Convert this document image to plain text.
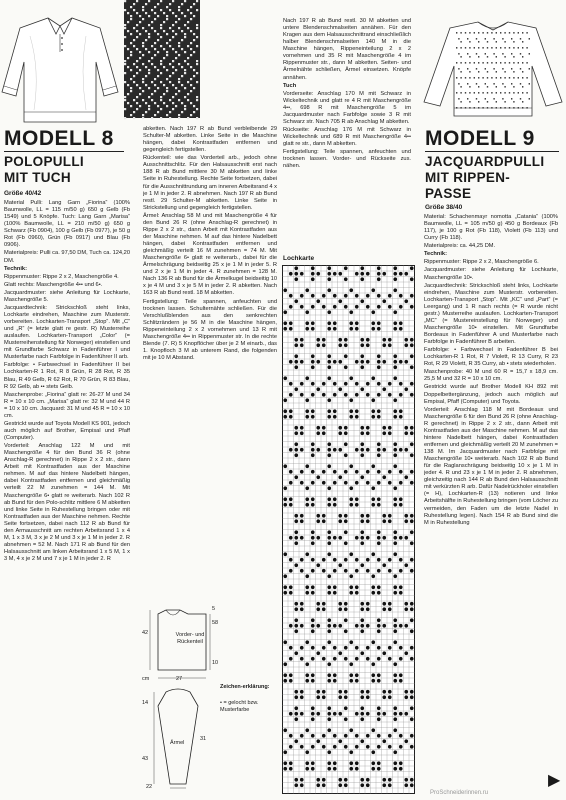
MODELL 8
POLOPULLI
MIT TUCH
Größe 40/42

Material Pulli: Lang Garn „Fiorina“ (100% Baumwolle, LL = 115 m/50 g) 650 g Gelb (Fb 1549) und 5 Knöpfe. Tuch: Lang Garn „Marisa“ (100% Baumwolle, LL = 210 m/50 g) 650 g Schwarz (Fb 0904), 100 g Gelb (Fb 0977), je 50 g Rot (Fb 0960), Grün (Fb 0917) und Blau (Fb 0906).

Materialpreis: Pulli ca. 97,50 DM, Tuch ca. 124,20 DM.

Technik:

Rippenmuster: Rippe 2 x 2, Maschengröße 4.

Glatt rechts: Maschengröße 4•• und 6•.

Jacquardmuster: siehe Anleitung für Lochkarte, Maschengröße 5.

Jacquardtechnik: Strickschloß steht links, Lochkarte eindrehen, Maschine zum Musterstr. vorbereiten. Lochkarten-Transport „Stop“. Mit „C“ und „R“ (= letzte glatt re gestr. R) Musterreihe auslaufen. Lochkarten-Transport „Color“ (= Musterreihenstellung für Norweger) einstellen und mit Grundfarbe Schwarz in Fadenführer I und Musterfarbe nach Farbfolge in Fadenführer II arb.

Farbfolge: • Farbwechsel in Fadenführer II bei Lochkarten-R 1 Rot, R 8 Grün, R 28 Rot, R 35 Blau, R 49 Gelb, R 62 Rot, R 70 Grün, R 83 Blau, R 92 Gelb, ab •• stets Gelb.

Maschenprobe: „Fiorina“ glatt re: 26-27 M und 34 R = 10 x 10 cm. „Marisa“ glatt re: 32 M und 44 R = 10 x 10 cm. Jacquard: 31 M und 45 R = 10 x 10 cm.

Gestrickt wurde auf Toyota Modell KS 901, jedoch auch möglich auf Brother, Empisal und Pfaff (Computer).

Vorderteil: Anschlag 122 M und mit Maschengröße 4 für den Bund 36 R (ohne Anschlag-R gerechnet) in Rippe 2 x 2 str., dann Arbeit mit Kontrastfaden aus der Maschine nehmen. M auf das hintere Nadelbett hängen, dabei Kontrastfaden entfernen und gleichmäßig verteilt 22 M zunehmen = 144 M. Mit Maschengröße 6• glatt re weiterarb. Nach 102 R ab Bund für den Polo-schlitz mittlere 6 M abketten und linke Seite in Ruhestellung bringen oder mit Kontrastfaden aus der Maschine nehmen. Rechte Seite fortsetzen, dabei nach 112 R ab Bund für den Armausschnitt am rechten Arbeitsrand 1 x 4 M, 1 x 3 M, 3 x je 2 M und 3 x je 1 M in jeder 2. R abnehmen = 52 M. Nach 171 R ab Bund für den Halsausschnitt am linken Arbeitsrand 1 x 5 M, 1 x 3 M, 4 x je 2 M und 7 x je 1 M in jeder 2. R

abketten. Nach 197 R ab Bund verbleibende 29 Schulter-M abketten. Linke Seite in die Maschine hängen, dabei Kontrastfaden entfernen und gegengleich fertigstellen.

Rückenteil: wie das Vorderteil arb., jedoch ohne Ausschnittschlitz. Für den Halsausschnitt erst nach 188 R ab Bund mittlere 30 M abketten und linke Seite in Ruhestellung. Rechte Seite fortsetzen, dabei für die Ausschnittrundung am inneren Arbeitsrand 4 x je 1 M in jeder 2. R abnehmen. Nach 197 R ab Bund restl. 29 Schulter-M abketten. Linke Seite in Strickstellung und gegengleich fertigstellen.

Ärmel: Anschlag 58 M und mit Maschengröße 4 für den Bund 26 R (ohne Anschlag-R gerechnet) in Rippe 2 x 2 str., dann Arbeit mit Kontrastfaden aus der Maschine nehmen. M auf das hintere Nadelbett hängen, dabei Kontrastfaden entfernen und gleichmäßig verteilt 16 M zunehmen = 74 M. Mit Maschengröße 6• glatt re weiterarb., dabei für die Ärmelschrägung beidseitig 25 x je 1 M in jeder 5. R und 2 x je 1 M in jeder 4. R zunehmen = 128 M. Nach 136 R ab Bund für die Ärmelkugel beidseitig 10 x je 4 M und 3 x je 5 M in jeder 2. R abketten. Nach 163 R ab Bund restl. 18 M abketten.

Fertigstellung: Teile spannen, anfeuchten und trocknen lassen. Schulternähte schließen. Für die Verschlußblenden aus den senkrechten Schlitzrändern je 56 M in die Maschine hängen, Rippeneinteilung 2 x 2 vornehmen und 13 R mit Maschengröße 4•• in Rippenmuster str. In die rechte Blende (7. R) 5 Knopflöcher über je 2 M einarb., das 1. Knopfloch 3 M ab unterem Rand, die folgenden mit je 10 M Abstand.

Vorder- und Rückenteil
27
cm
42
58
5
10
Ärmel
14
43
22
31
Zeichen-erklärung:
• = gelocht bzw. Musterfarbe

Nach 197 R ab Bund restl. 30 M abketten und untere Blendenschmalseiten annähen. Für den Kragen aus dem Halsausschnittrand einschließlich halber Blendenschmalseiten 140 M in die Maschine hängen, Rippeneinteilung 2 x 2 vornehmen und 35 R mit Maschengröße 4 im Rippenmuster str., dann M abketten. Seiten- und Ärmelnähte schließen, Ärmel einsetzen. Knöpfe annähen.

Tuch

Vorderseite: Anschlag 170 M mit Schwarz in Wickeltechnik und glatt re 4 R mit Maschengröße 4••, 698 R mit Maschengröße 5 im Jacquardmuster nach Farbfolge sowie 3 R mit Schwarz str. Nach 705 R ab Anschlag M abketten.

Rückseite: Anschlag 176 M mit Schwarz in Wickeltechnik und 689 R mit Maschengröße 4•• glatt re str., dann M abketten.

Fertigstellung: Teile spannen, anfeuchten und trocknen lassen. Vorder- und Rückseite zus. nähen.

Lochkarte
MODELL 9
JACQUARDPULLI
MIT RIPPEN-
PASSE
Größe 38/40

Material: Schachenmayr nomotta „Catania“ (100% Baumwolle, LL = 105 m/50 g) 450 g Bordeaux (Fb 117), je 100 g Rot (Fb 118), Violett (Fb 113) und Curry (Fb 118).

Materialpreis: ca. 44,25 DM.

Technik:

Rippenmuster: Rippe 2 x 2, Maschengröße 6.

Jacquardmuster: siehe Anleitung für Lochkarte, Maschengröße 10•.

Jacquardtechnik: Strickschloß steht links, Lochkarte eindrehen, Maschine zum Musterstr. vorbereiten. Lochkarten-Transport „Stop“. Mit „KC“ und „Part“ (= Leergang) und 1 R nach rechts (= R wurde nicht gestr.) Musterreihe auslaufen. Lochkarten-Transport „MC“ (= Mustereinstellung für Norweger) und Maschengröße 10• einstellen. Mit Grundfarbe Bordeaux in Fadenführer A und Musterfarbe nach Farbfolge in Fadenführer B arbeiten.

Farbfolge: • Farbwechsel in Fadenführer B bei Lochkarten-R 1 Rot, R 7 Violett, R 13 Curry, R 23 Rot, R 29 Violett, R 35 Curry, ab • stets wiederholen.

Maschenprobe: 40 M und 60 R = 15,7 x 18,9 cm. 25,5 M und 32 R = 10 x 10 cm.

Gestrickt wurde auf Brother Modell KH 892 mit Doppelbettergänzung, jedoch auch möglich auf Empisal, Pfaff (Computer) und Toyota.

Vorderteil: Anschlag 118 M mit Bordeaux und Maschengröße 6 für den Bund 26 R (ohne Anschlag-R gerechnet) in Rippe 2 x 2 str., dann Arbeit mit Kontrastfaden aus der Maschine nehmen. M auf das hintere Nadelbett hängen, dabei Kontrastfaden entfernen und gleichmäßig verteilt 20 M zunehmen = 138 M. Im Jacquardmuster nach Farbfolge mit Maschengröße 10• weiterarb. Nach 102 R ab Bund für die Raglanschrägung beidseitig 10 x je 1 M in jeder 4. R und 23 x je 1 M in jeder 2. R abnehmen, gleichzeitig nach 144 R ab Bund den Halsausschnitt mit verkürzten R arb. Dafür Nadelrückholer einstellen (= H), Lochkarten-R (13) notieren und linke Arbeitshälfte in Ruhestellung bringen (vom Löcher zu vermeiden, den Faden um die letzte Nadel in Ruhestellung legen). Nach 154 R ab Bund sind die M in Ruhestellung

▶
ProSchneiderinnen.ru
